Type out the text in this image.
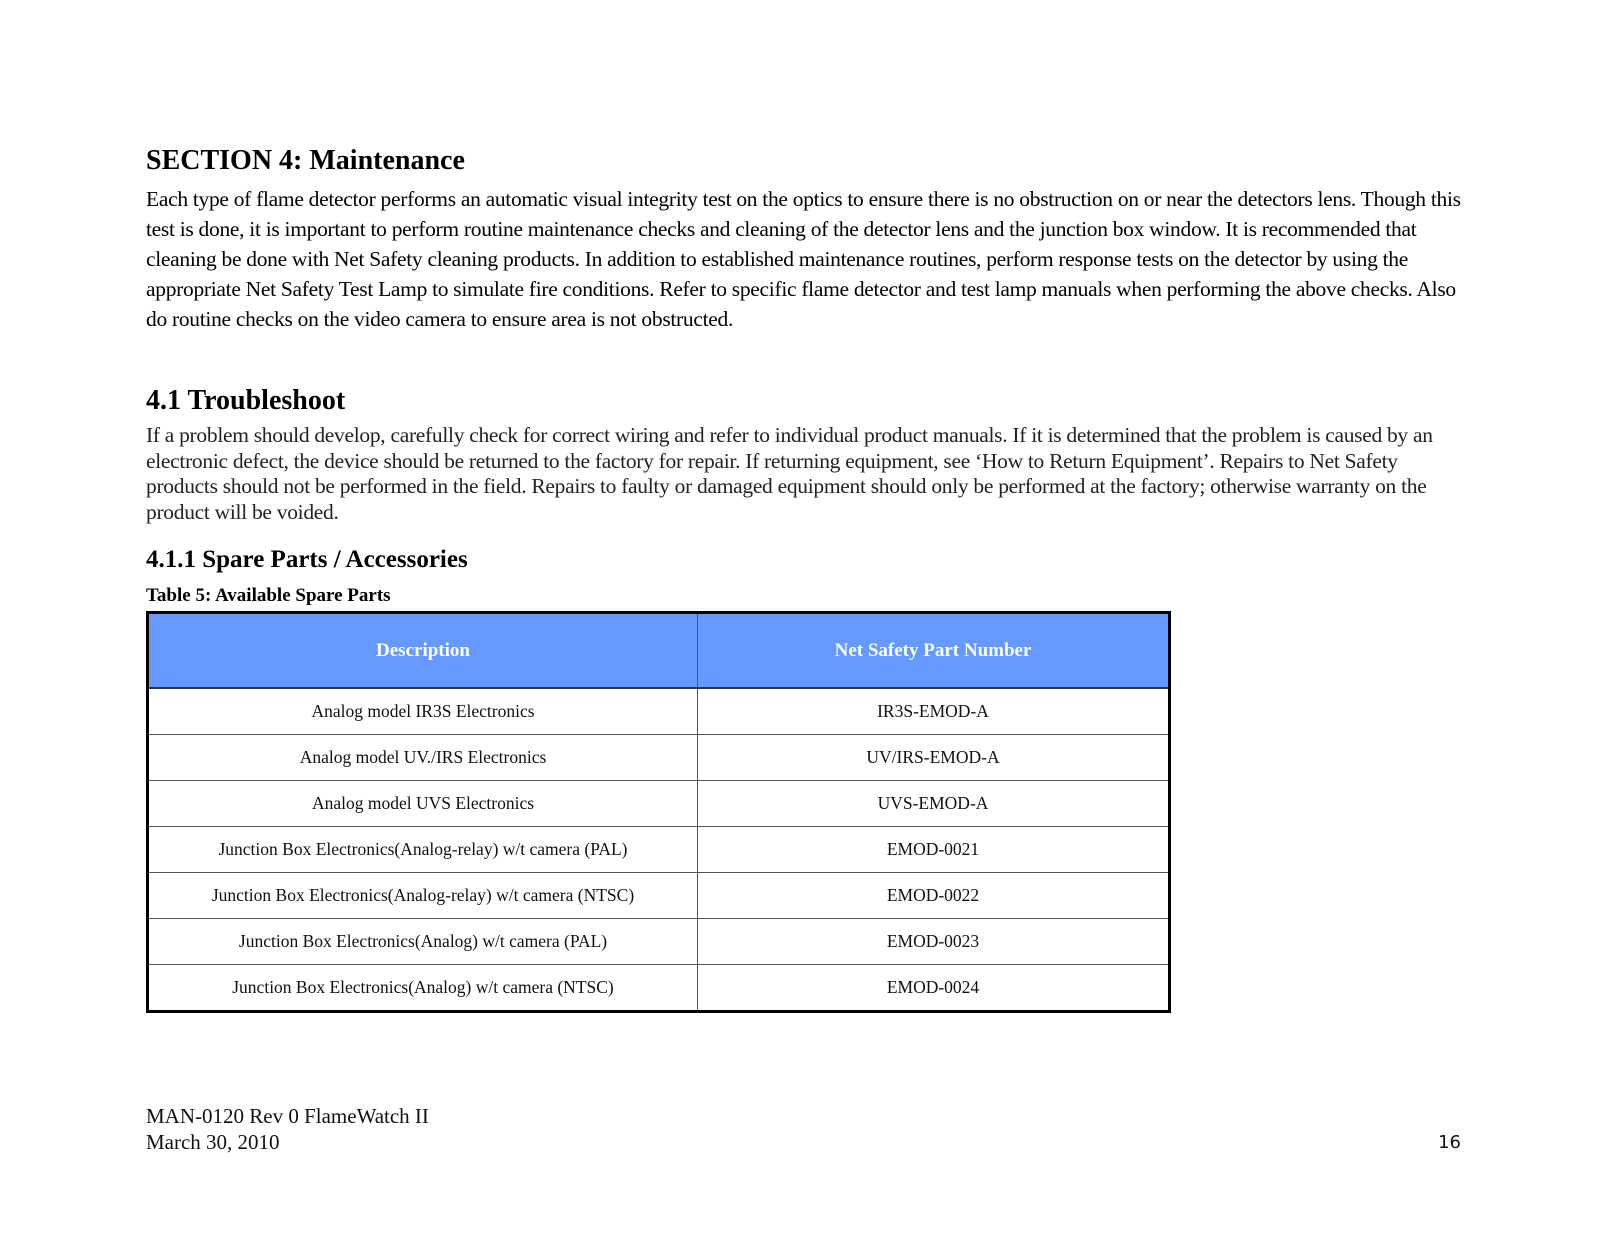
SECTION 4: Maintenance

Each type of flame detector performs an automatic visual integrity test on the optics to ensure there is no obstruction on or near the detectors lens. Though this test is done, it is important to perform routine maintenance checks and cleaning of the detector lens and the junction box window. It is recommended that cleaning be done with Net Safety cleaning products. In addition to established maintenance routines, perform response tests on the detector by using the appropriate Net Safety Test Lamp to simulate fire conditions. Refer to specific flame detector and test lamp manuals when performing the above checks. Also do routine checks on the video camera to ensure area is not obstructed.

4.1 Troubleshoot

If a problem should develop, carefully check for correct wiring and refer to individual product manuals. If it is determined that the problem is caused by an electronic defect, the device should be returned to the factory for repair. If returning equipment, see ‘How to Return Equipment’. Repairs to Net Safety products should not be performed in the field. Repairs to faulty or damaged equipment should only be performed at the factory; otherwise warranty on the product will be voided.

4.1.1 Spare Parts / Accessories
Table 5: Available Spare Parts
Description	Net Safety Part Number
Analog model IR3S Electronics	IR3S-EMOD-A
Analog model UV./IRS Electronics	UV/IRS-EMOD-A
Analog model UVS Electronics	UVS-EMOD-A
Junction Box Electronics(Analog-relay) w/t camera (PAL)	EMOD-0021
Junction Box Electronics(Analog-relay) w/t camera (NTSC)	EMOD-0022
Junction Box Electronics(Analog) w/t camera (PAL)	EMOD-0023
Junction Box Electronics(Analog) w/t camera (NTSC)	EMOD-0024
MAN-0120 Rev 0 FlameWatch II
March 30, 2010	16
